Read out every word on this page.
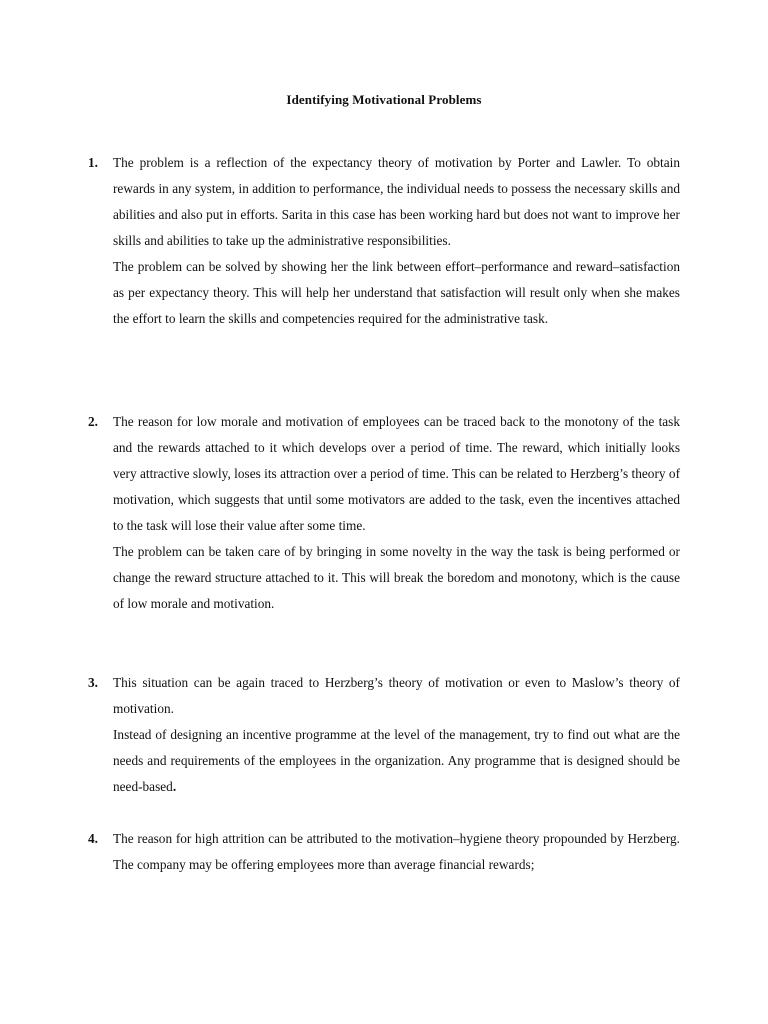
Identifying Motivational Problems
1. The problem is a reflection of the expectancy theory of motivation by Porter and Lawler. To obtain rewards in any system, in addition to performance, the individual needs to possess the necessary skills and abilities and also put in efforts. Sarita in this case has been working hard but does not want to improve her skills and abilities to take up the administrative responsibilities.

The problem can be solved by showing her the link between effort–performance and reward–satisfaction as per expectancy theory. This will help her understand that satisfaction will result only when she makes the effort to learn the skills and competencies required for the administrative task.

2. The reason for low morale and motivation of employees can be traced back to the monotony of the task and the rewards attached to it which develops over a period of time. The reward, which initially looks very attractive slowly, loses its attraction over a period of time. This can be related to Herzberg’s theory of motivation, which suggests that until some motivators are added to the task, even the incentives attached to the task will lose their value after some time.

The problem can be taken care of by bringing in some novelty in the way the task is being performed or change the reward structure attached to it. This will break the boredom and monotony, which is the cause of low morale and motivation.

3. This situation can be again traced to Herzberg’s theory of motivation or even to Maslow’s theory of motivation.

Instead of designing an incentive programme at the level of the management, try to find out what are the needs and requirements of the employees in the organization. Any programme that is designed should be need-based.

4. The reason for high attrition can be attributed to the motivation–hygiene theory propounded by Herzberg. The company may be offering employees more than average financial rewards;
